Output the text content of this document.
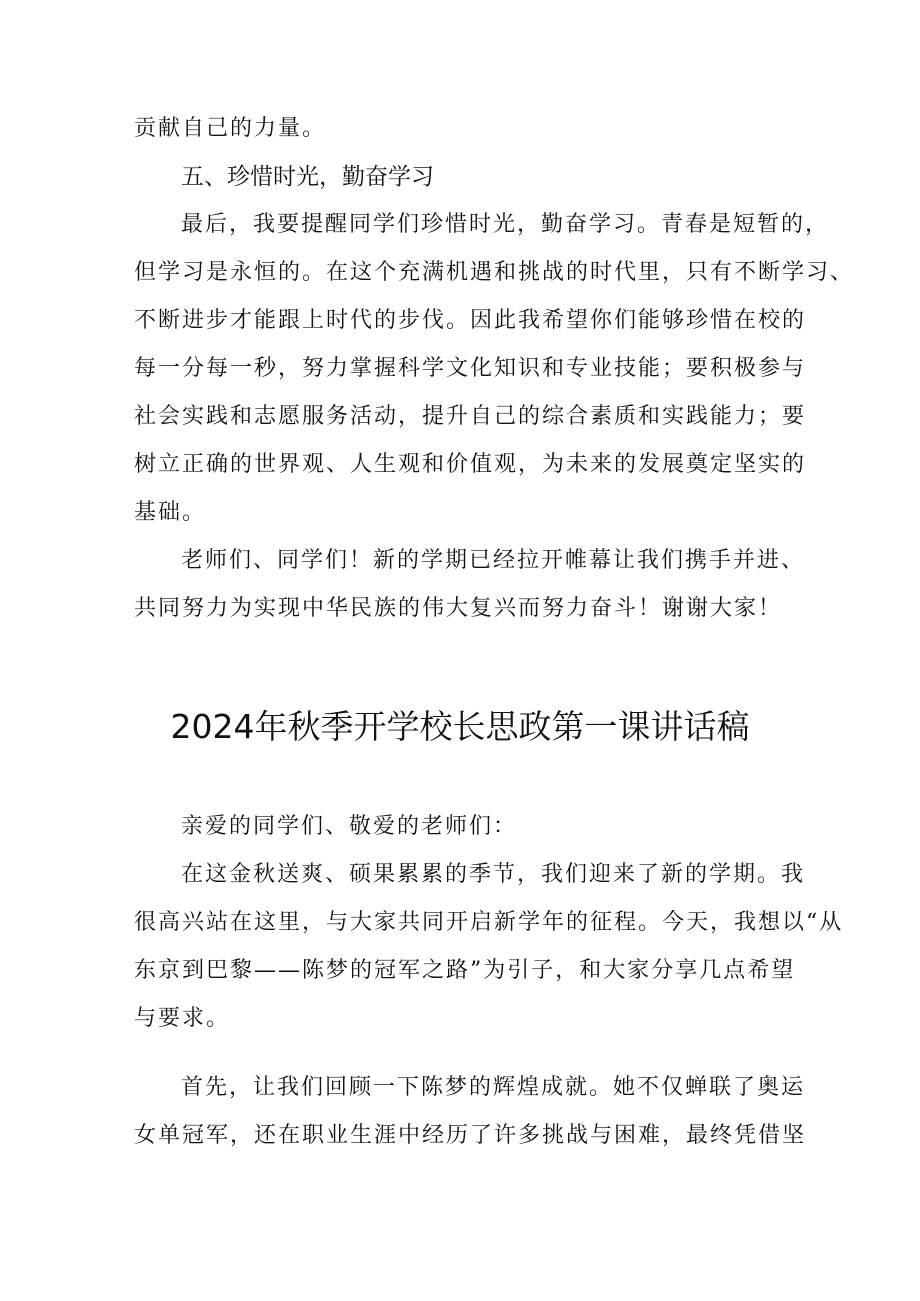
贡献自己的力量。
五、珍惜时光，勤奋学习
最后，我要提醒同学们珍惜时光，勤奋学习。青春是短暂的，
但学习是永恒的。在这个充满机遇和挑战的时代里，只有不断学习、
不断进步才能跟上时代的步伐。因此我希望你们能够珍惜在校的
每一分每一秒，努力掌握科学文化知识和专业技能；要积极参与
社会实践和志愿服务活动，提升自己的综合素质和实践能力；要
树立正确的世界观、人生观和价值观，为未来的发展奠定坚实的
基础。
老师们、同学们！新的学期已经拉开帷幕让我们携手并进、
共同努力为实现中华民族的伟大复兴而努力奋斗！谢谢大家！
2024年秋季开学校长思政第一课讲话稿
亲爱的同学们、敬爱的老师们：
在这金秋送爽、硕果累累的季节，我们迎来了新的学期。我
很高兴站在这里，与大家共同开启新学年的征程。今天，我想以“从
东京到巴黎——陈梦的冠军之路”为引子，和大家分享几点希望
与要求。
首先，让我们回顾一下陈梦的辉煌成就。她不仅蝉联了奥运
女单冠军，还在职业生涯中经历了许多挑战与困难，最终凭借坚
